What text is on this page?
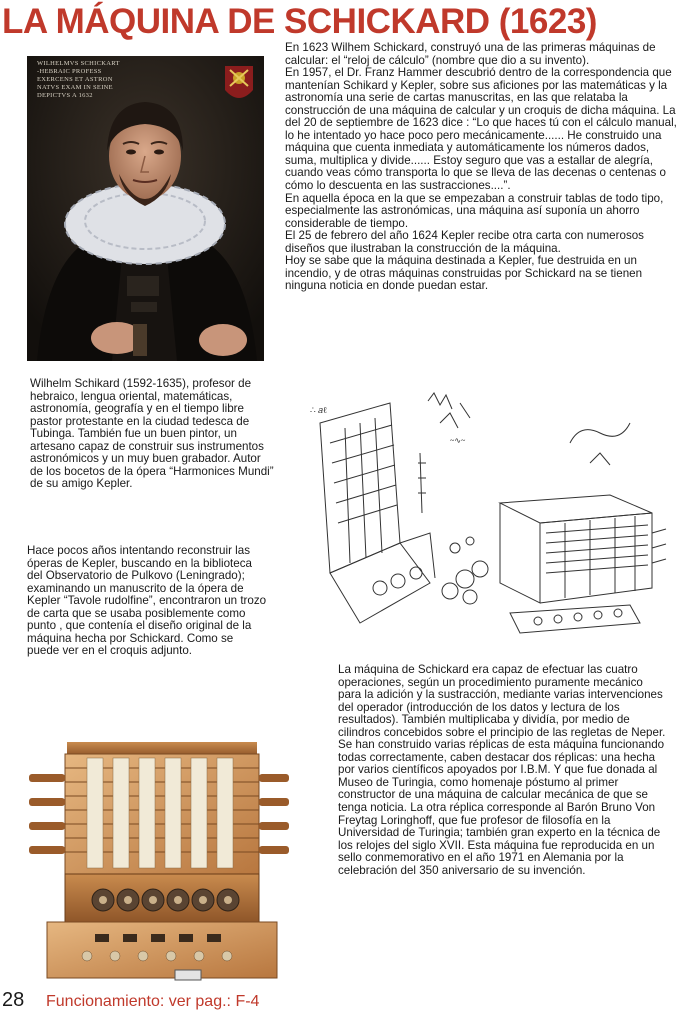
LA MÁQUINA DE SCHICKARD (1623)
WILHELMVS SCHICKART
-HEBRAIC PROFESS
EXERCENS ET ASTRON
NATVS EXAM IN SEINE
DEPICTVS A 1632

En 1623 Wilhem Schickard, construyó una de las primeras máquinas de calcular: el “reloj de cálculo” (nombre que dio a su invento).

En 1957, el Dr. Franz Hammer descubrió dentro de la correspondencia que mantenían Schikard y Kepler, sobre sus aficiones por las matemáticas y la astronomía una serie de cartas manuscritas, en las que relataba la construcción de una máquina de calcular y un croquis de dicha máquina. La del 20 de septiembre de 1623 dice : “Lo que haces tú con el cálculo manual, lo he intentado yo hace poco pero mecánicamente...... He construido una máquina que cuenta inmediata y automáticamente los números dados, suma, multiplica y divide...... Estoy seguro que vas a estallar de alegría, cuando veas cómo transporta lo que se lleva de las decenas o centenas o cómo lo descuenta en las sustracciones....”.

En aquella época en la que se empezaban a construir tablas de todo tipo, especialmente las astronómicas, una máquina así suponía un ahorro considerable de tiempo.

El 25 de febrero del año 1624 Kepler recibe otra carta con numerosos diseños que ilustraban la construcción de la máquina.

Hoy se sabe que la máquina destinada a Kepler, fue destruida en un incendio, y de otras máquinas construidas por Schickard na se tienen ninguna noticia en donde puedan estar.

Wilhelm Schikard (1592-1635), profesor de hebraico, lengua oriental, matemáticas, astronomía, geografía y en el tiempo libre pastor protestante en la ciudad tedesca de Tubinga. También fue un buen pintor, un artesano capaz de construir sus instrumentos astronómicos y un muy buen grabador. Autor de los bocetos de la ópera “Harmonices Mundi” de su amigo Kepler.
∴ 𝑎ℓ
~∿~
Hace pocos años intentando reconstruir las óperas de Kepler, buscando en la biblioteca del Observatorio de Pulkovo (Leningrado); examinando un manuscrito de la ópera de Kepler “Tavole rudolfine”, encontraron un trozo de carta que se usaba posiblemente como punto , que contenía el diseño original de la máquina hecha por Schickard. Como se puede ver en el croquis adjunto.

La máquina de Schickard era capaz de efectuar las cuatro operaciones, según un procedimiento puramente mecánico para la adición y la sustracción, mediante varias intervenciones del operador (introducción de los datos y lectura de los resultados). También multiplicaba y dividía, por medio de cilindros concebidos sobre el principio de las regletas de Neper.

Se han construido varias réplicas de esta máquina funcionando todas correctamente, caben destacar dos réplicas: una hecha por varios científicos apoyados por I.B.M. Y que fue donada al Museo de Turingia, como homenaje póstumo al primer constructor de una máquina de calcular mecánica de que se tenga noticia. La otra réplica corresponde al Barón Bruno Von Freytag Loringhoff, que fue profesor de filosofía en la Universidad de Turingia; también gran experto en la técnica de los relojes del siglo XVII. Esta máquina fue reproducida en un sello conmemorativo en el año 1971 en Alemania por la celebración del 350 aniversario de su invención.

28 Funcionamiento: ver pag.: F-4
